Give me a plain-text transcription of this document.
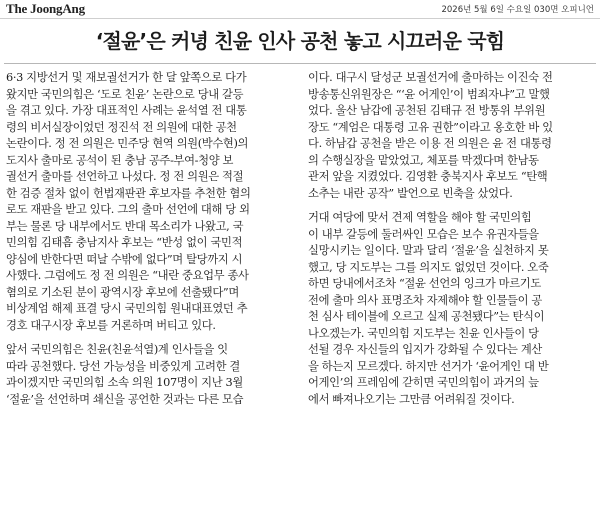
The JoongAng	2026년 5월 6일 수요일 030면 오피니언
‘절윤’은 커녕 친윤 인사 공천 놓고 시끄러운 국힘
6·3 지방선거 및 재보궐선거가 한 달 앞쪽으로 다가
왔지만 국민의힘은 ‘도로 친윤’ 논란으로 당내 갈등
을 겪고 있다. 가장 대표적인 사례는 윤석열 전 대통
령의 비서실장이었던 정진석 전 의원에 대한 공천
논란이다. 정 전 의원은 민주당 현역 의원(박수현)의
도지사 출마로 공석이 된 충남 공주-부여-청양 보
궐선거 출마를 선언하고 나섰다. 정 전 의원은 적절
한 검증 절차 없이 헌법재판관 후보자를 추천한 혐의
로도 재판을 받고 있다. 그의 출마 선언에 대해 당 외
부는 물론 당 내부에서도 반대 목소리가 나왔고, 국
민의힘 김태흠 충남지사 후보는 “반성 없이 국민적
양심에 반한다면 떠날 수밖에 없다”며 탈당까지 시
사했다. 그럼에도 정 전 의원은 “내란 중요업무 종사
혐의로 기소된 분이 광역시장 후보에 선출됐다”며
비상계엄 해제 표결 당시 국민의힘 원내대표였던 추
경호 대구시장 후보를 거론하며 버티고 있다.
앞서 국민의힘은 친윤(친윤석열)계 인사들을 잇
따라 공천했다. 당선 가능성을 비중있게 고려한 결
과이겠지만 국민의힘 소속 의원 107명이 지난 3월
‘절윤’을 선언하며 쇄신을 공언한 것과는 다른 모습
이다. 대구시 달성군 보궐선거에 출마하는 이진숙 전
방송통신위원장은 “‘윤 어게인’이 범죄자냐”고 말했
었다. 울산 남갑에 공천된 김태규 전 방통위 부위원
장도 “계엄은 대통령 고유 권한”이라고 옹호한 바 있
다. 하남갑 공천을 받은 이용 전 의원은 윤 전 대통령
의 수행실장을 맡았었고, 체포를 막겠다며 한남동
관저 앞을 지켰었다. 김영환 충북지사 후보도 “탄핵
소추는 내란 공작” 발언으로 빈축을 샀었다.
거대 여당에 맞서 견제 역할을 해야 할 국민의힘
이 내부 갈등에 둘러싸인 모습은 보수 유권자들을
실망시키는 일이다. 말과 달리 ‘절윤’을 실천하지 못
했고, 당 지도부는 그를 의지도 없었던 것이다. 오죽
하면 당내에서조차 “절윤 선언의 잉크가 마르기도
전에 출마 의사 표명조차 자제해야 할 인물들이 공
천 심사 테이블에 오르고 실제 공천됐다”는 탄식이
나오겠는가. 국민의힘 지도부는 친윤 인사들이 당
선될 경우 자신들의 입지가 강화될 수 있다는 계산
을 하는지 모르겠다. 하지만 선거가 ‘윤어게인 대 반
어게인’의 프레임에 갇히면 국민의힘이 과거의 늪
에서 빠져나오기는 그만큼 어려워질 것이다.
